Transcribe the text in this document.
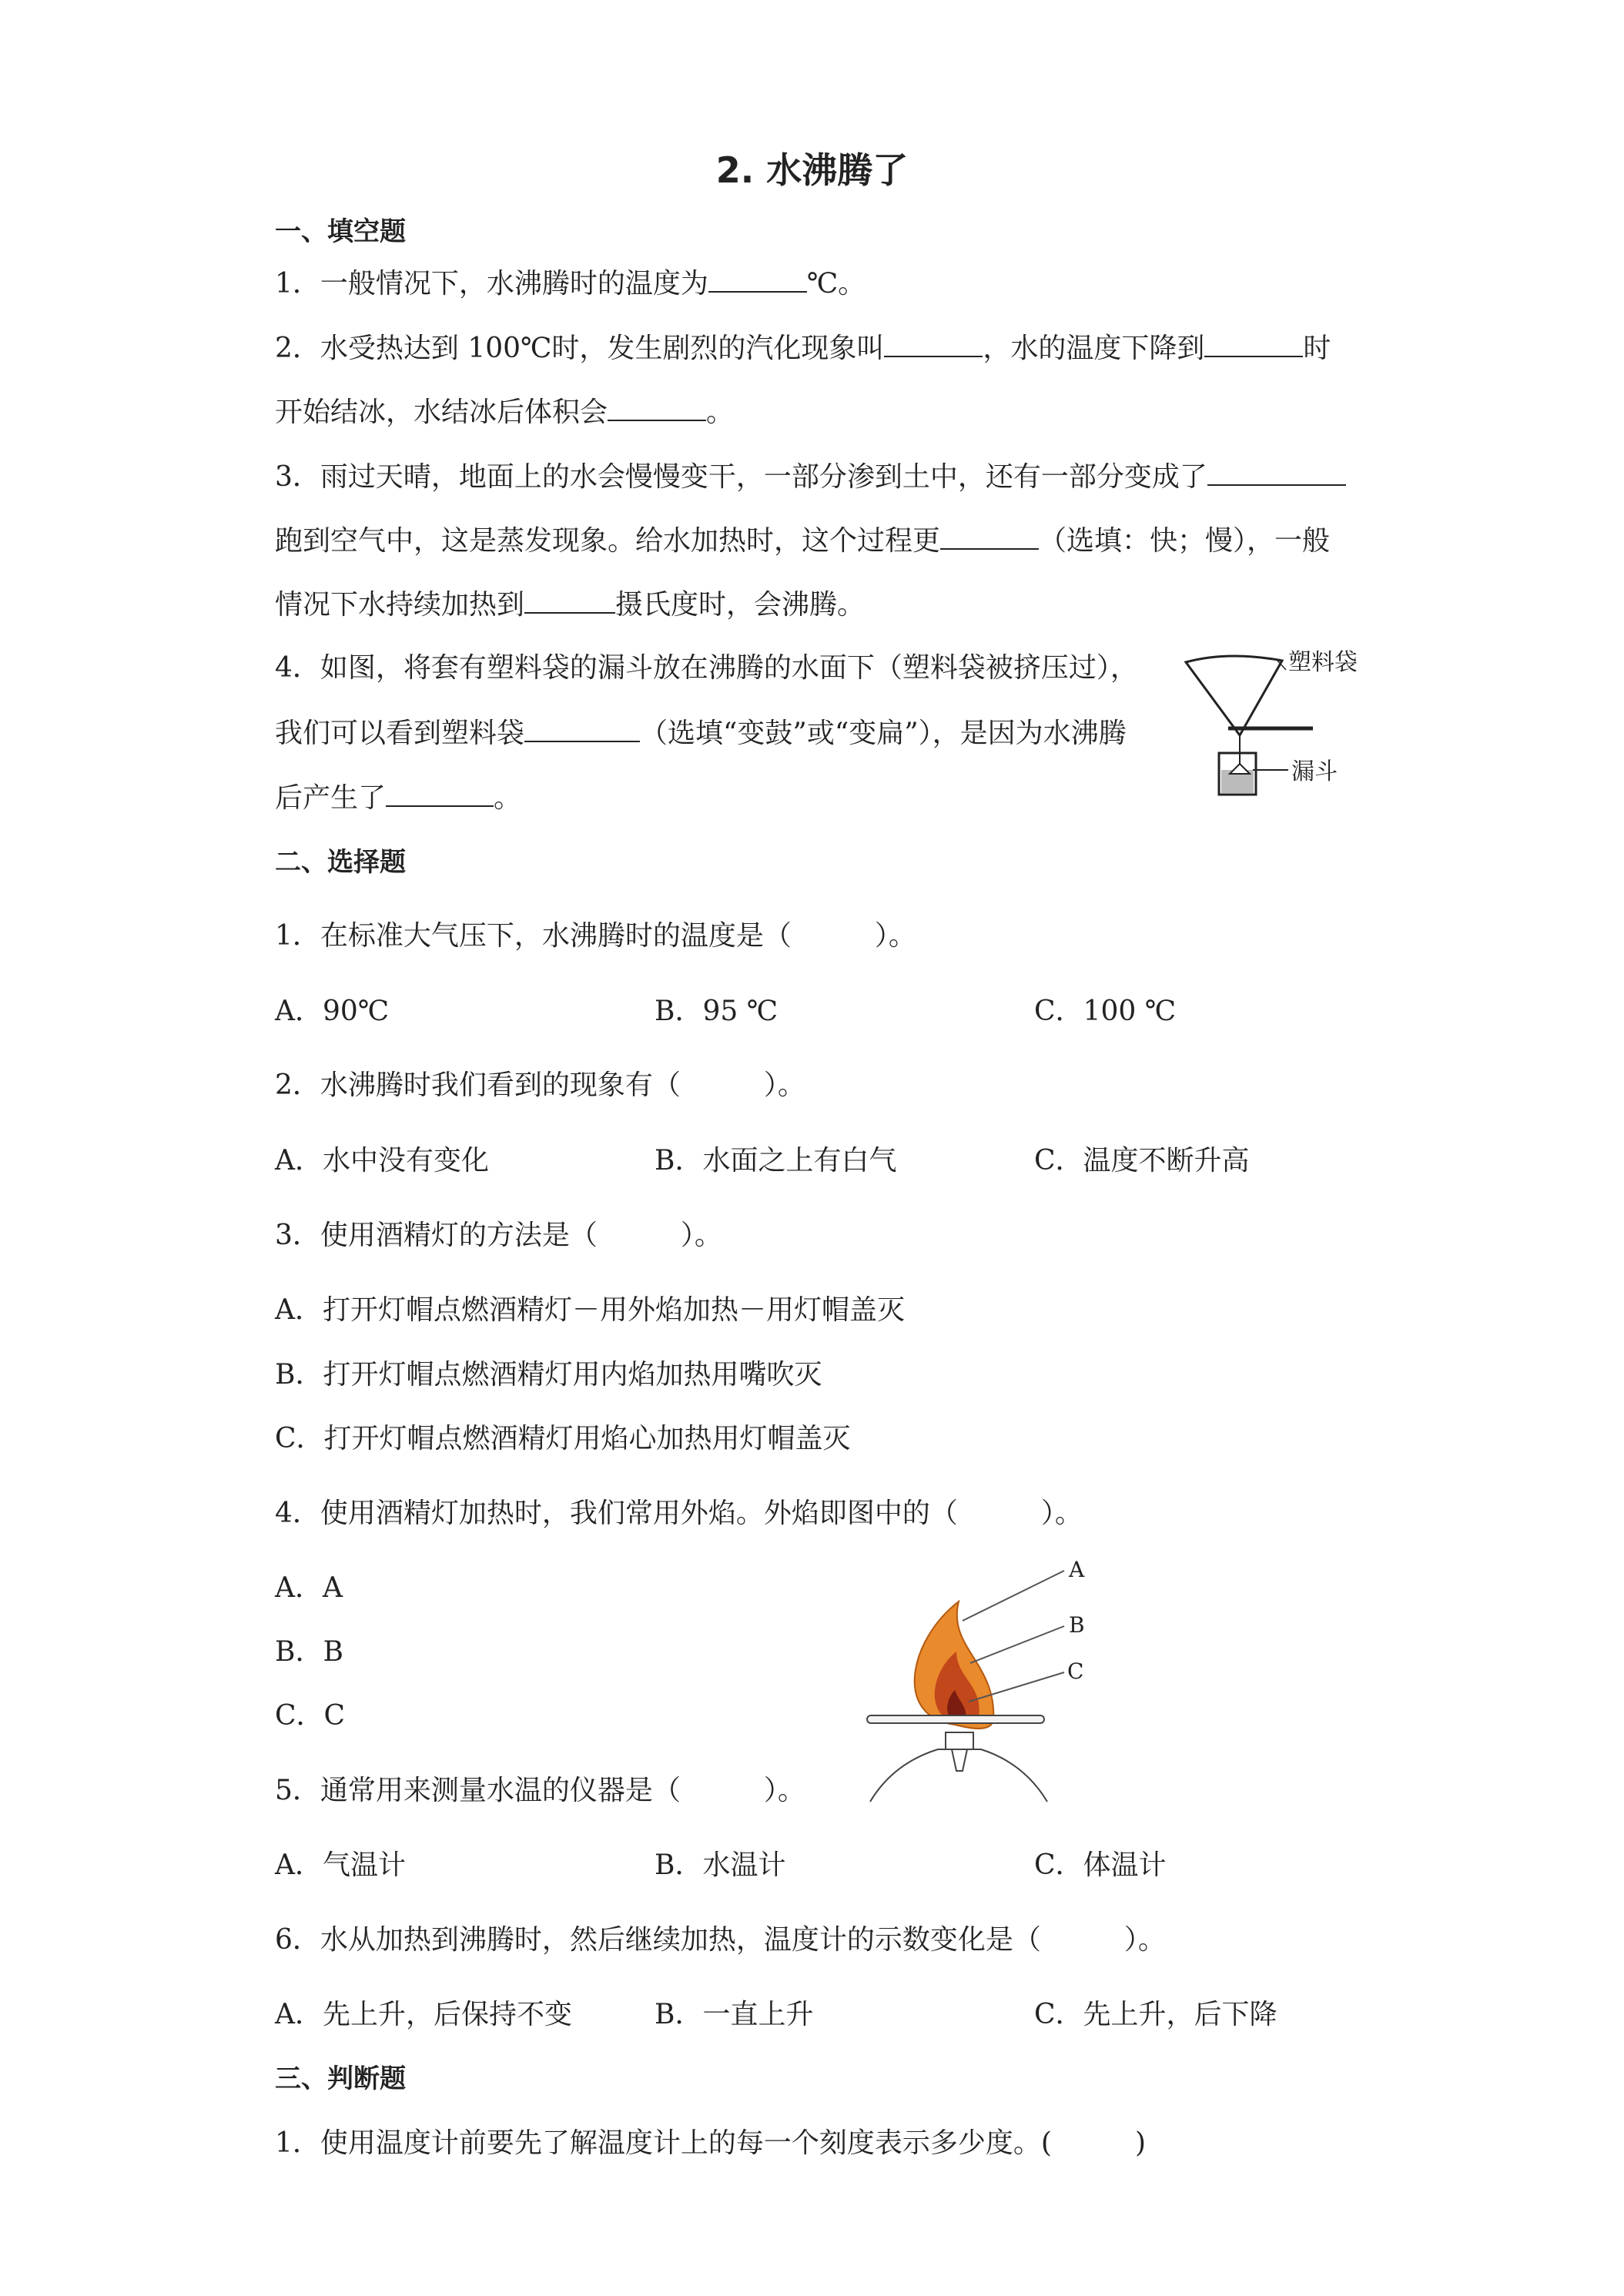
2. 水沸腾了
一、填空题
1．一般情况下，水沸腾时的温度为	℃。
2．水受热达到 100℃时，发生剧烈的汽化现象叫	，水的温度下降到	时
开始结冰，水结冰后体积会	。
3．雨过天晴，地面上的水会慢慢变干，一部分渗到土中，还有一部分变成了
跑到空气中，这是蒸发现象。给水加热时，这个过程更	（选填：快；慢），一般
情况下水持续加热到	摄氏度时，会沸腾。
4．如图，将套有塑料袋的漏斗放在沸腾的水面下（塑料袋被挤压过），
我们可以看到塑料袋	（选填“变鼓”或“变扁”），是因为水沸腾
后产生了	。
塑料袋
漏斗
二、选择题
1．在标准大气压下，水沸腾时的温度是（　　　）。
A．90℃	B．95 ℃	C．100 ℃
2．水沸腾时我们看到的现象有（　　　）。
A．水中没有变化	B．水面之上有白气	C．温度不断升高
3．使用酒精灯的方法是（　　　）。
A．打开灯帽点燃酒精灯－用外焰加热－用灯帽盖灭
B．打开灯帽点燃酒精灯用内焰加热用嘴吹灭
C．打开灯帽点燃酒精灯用焰心加热用灯帽盖灭
4．使用酒精灯加热时，我们常用外焰。外焰即图中的（　　　）。
A．A
B．B
C．C
A
B
C
5．通常用来测量水温的仪器是（　　　）。
A．气温计	B．水温计	C．体温计
6．水从加热到沸腾时，然后继续加热，温度计的示数变化是（　　　）。
A．先上升，后保持不变	B．一直上升	C．先上升，后下降
三、判断题
1．使用温度计前要先了解温度计上的每一个刻度表示多少度。(　　　)
